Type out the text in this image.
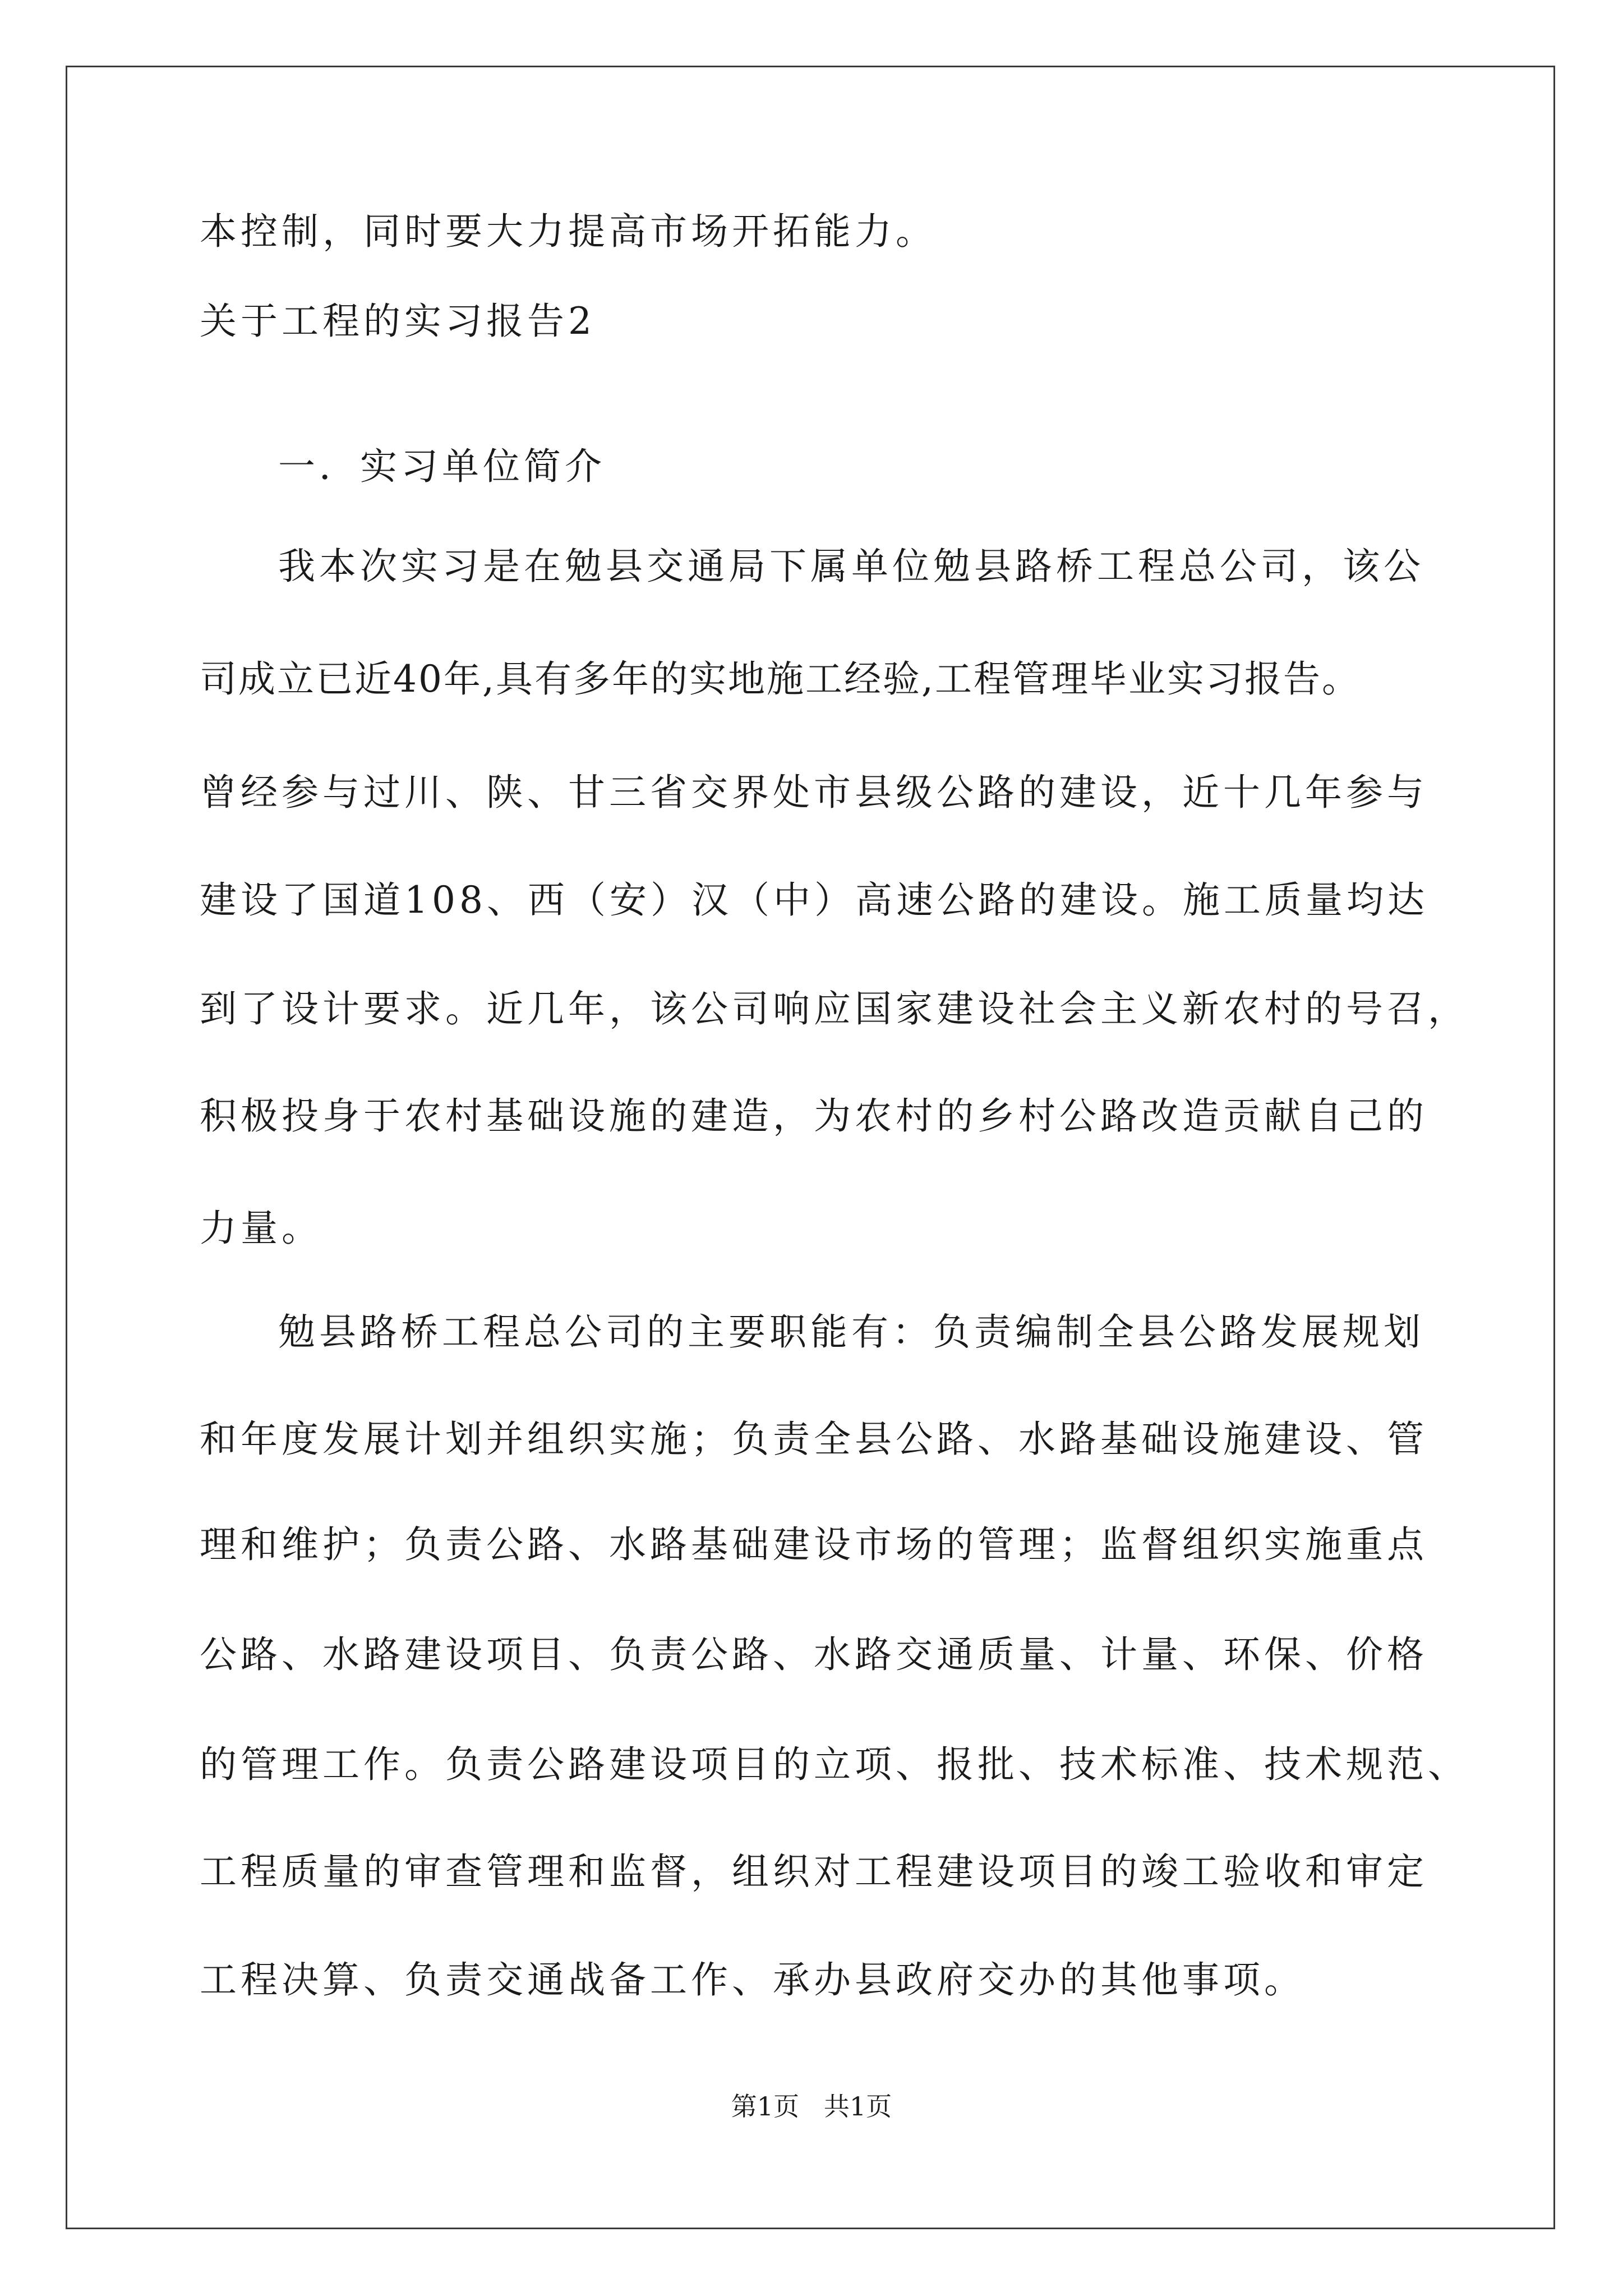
本控制，同时要大力提高市场开拓能力。

关于工程的实习报告2

一．实习单位简介

我本次实习是在勉县交通局下属单位勉县路桥工程总公司，该公

司成立已近40年,具有多年的实地施工经验,工程管理毕业实习报告。

曾经参与过川、陕、甘三省交界处市县级公路的建设，近十几年参与

建设了国道108、西（安）汉（中）高速公路的建设。施工质量均达

到了设计要求。近几年，该公司响应国家建设社会主义新农村的号召，

积极投身于农村基础设施的建造，为农村的乡村公路改造贡献自己的

力量。

勉县路桥工程总公司的主要职能有：负责编制全县公路发展规划

和年度发展计划并组织实施；负责全县公路、水路基础设施建设、管

理和维护；负责公路、水路基础建设市场的管理；监督组织实施重点

公路、水路建设项目、负责公路、水路交通质量、计量、环保、价格

的管理工作。负责公路建设项目的立项、报批、技术标准、技术规范、

工程质量的审查管理和监督，组织对工程建设项目的竣工验收和审定

工程决算、负责交通战备工作、承办县政府交办的其他事项。

第1页   共1页
